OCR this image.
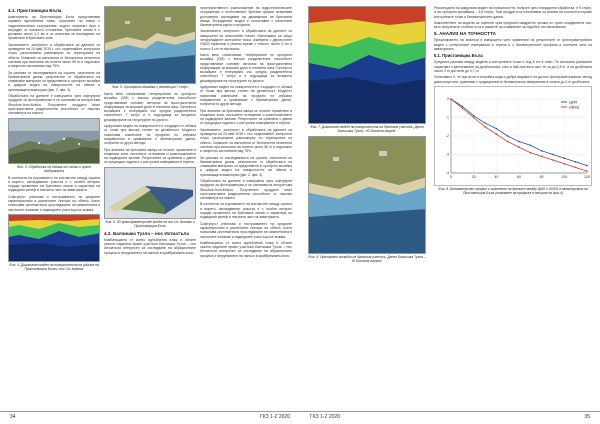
4.1. Пристанищна Бъла

Акваторията на Пристанищна Бъла представлява наравно вдлъбнатия плаж, ограничен на север с хидротехнически съоръжения, където морският бряг е изграден от скалисти отложения. Бреговата линия е с дължина около 1,2 км и се използва за изследване на промените в бреговата зона.

Заснемането, контролът и обработката на данните са проведени на 24 май 2019 г. със седемнайсет контролни точки, разположени равномерно по територията на обекта. Снимките са изпълнени от безпилотна летателна система при височина на полета около 80 м и надлъжно и напречно застъпване над 75%.

За разлика от изследванията на сушата, изпълнени на батиметрични данни, резултатите от обработката на снимковия материал са представени в ортофото мозайка и цифров модел на повърхността на обекта и прилежащата акватория (фиг. 2, фиг. 3).

Обработката на данните е извършена чрез софтуерни продукти за фотограметрия и се основава на алгоритъма Structure-from-Motion. Получените продукти имат пространствена разделителна способност от няколко сантиметра на пиксел.

Фиг. 3. Обработка на облака от точки и фото изображения

В контекста на изучаването на контактите между сушата и морето, изследваният участък е с особен интерес поради промените на бреговата линия и характера на подводния релеф в плитката част на акваторията.

Софтуерът улеснява и построяването на средните характеристики в различните сектори на обекта, което позволява систематично проследяване на измененията в пясъчните плажове и подводните участъци на залива.

Фиг. 4. Дигитален модел на повърхността на района на Пристанищна Бъла и нос Св. Атанас
Фиг. 5. Ортофото мозайка с резолюция 7 cm/px

Както вече споменахме, генерираните по ортофото мозайка (ОМ) с висока разделителна способност представляват основен източник на пространствена информация за морския дъно в плитката зона. Ортофото мозайката е генерирана със средна разделителна способност 7 cm/px и е подходяща за визуално дешифриране на структурите по дъното.

Цифровият модел на повърхността е създаден от облака от точки при висока степен на детайлност. Моделът позволява извличане на профили по избрани направления и сравняване с батиметрични данни, получени по други методи.

При анализа на бреговата ивица се отчитат промените в плажната зона, пясъчните отложения и разположението на подводните валове. Резултатите са сравнени с данни от предходни години и с контролни измервания в терена.

Фиг. 6. 3D фотограметричен модел на нос Св. Атанас и Пристанищна Бъла
4.2. Балчишка Тузла – нос Ихтиатъла

Комбинацията от силно вдлъбнатия плаж и облите скални издатини прави участъка Балчишка Тузла – нос Ихтиатъла интересен за изследване на абразионните процеси и натрупването на наноси в крайбрежната зона.

пространственото разположение на хидротехническите съоръжения и естествените брегови форми позволява достоверно изследване на динамиката на бреговата ивица. Изграденият модел е съпоставен с наличните батиметрични карти и профили.

Заснемането, контролът и обработката на данните са извършени по аналогичен начин. Използвани са общо четиринадесет контролни точки, измерени с двучестотен GNSS приемник в реално време с точност около 2 cm в план и 3 cm по височина.

Както вече споменахме, генерираните по ортофото мозайка (ОМ) с висока разделителна способност представляват основен източник на пространствена информация за морския дъно в плитката зона. Ортофото мозайката е генерирана със средна разделителна способност 7 cm/px и е подходяща за визуално дешифриране на структурите по дъното.

Цифровият модел на повърхността е създаден от облака от точки при висока степен на детайлност. Моделът позволява извличане на профили по избрани направления и сравняване с батиметрични данни, получени по други методи.

При анализа на бреговата ивица се отчитат промените в плажната зона, пясъчните отложения и разположението на подводните валове. Резултатите са сравнени с данни от предходни години и с контролни измервания в терена.

Заснемането, контролът и обработката на данните са проведени на 24 май 2019 г. със седемнайсет контролни точки, разположени равномерно по територията на обекта. Снимките са изпълнени от безпилотна летателна система при височина на полета около 80 м и надлъжно и напречно застъпване над 75%.

За разлика от изследванията на сушата, изпълнени на батиметрични данни, резултатите от обработката на снимковия материал са представени в ортофото мозайка и цифров модел на повърхността на обекта и прилежащата акватория (фиг. 2, фиг. 3).

Обработката на данните е извършена чрез софтуерни продукти за фотограметрия и се основава на алгоритъма Structure-from-Motion. Получените продукти имат пространствена разделителна способност от няколко сантиметра на пиксел.

В контекста на изучаването на контактите между сушата и морето, изследваният участък е с особен интерес поради промените на бреговата линия и характера на подводния релеф в плитката част на акваторията.

Софтуерът улеснява и построяването на средните характеристики в различните сектори на обекта, което позволява систематично проследяване на измененията в пясъчните плажове и подводните участъци на залива.

Комбинацията от силно вдлъбнатия плаж и облите скални издатини прави участъка Балчишка Тузла – нос Ихтиатъла интересен за изследване на абразионните процеси и натрупването на наноси в крайбрежната зона.

34	ГКЗ 1-2`2020
Фиг. 7. Дигитален модел на повърхността на бреговия участък „Двоен Балчишка Тузла – Ю Ботата лагуна“
Фиг. 8. Ортофото мозайка на бреговия участък „Двоен Балчишка Тузла – Ю Ботата лагуна“

Резолюцията на цифровия модел на повърхността, получен чрез стандартна обработка, е 9 cm/px, а на ортофото мозайката – 4,5 cm/px. Тези продукти са използвани за анализ на точността спрямо контролните точки и батиметричните данни.

Компонентите на модела са оценени чрез средните квадратни грешки по трите координатни оси, като получените стойности са в рамките на очакваните за подобен тип заснемания.

5. АНАЛИЗ НА ТОЧНОСТТА

Прецизирането на анализа е извършено чрез сравнение на резултатите от фотограметричния модел с контролните измервания в терена и с батиметричните профили в плитката зона на акваторията.

5.1. Пристанищна Бъла

Средната разлика между модела и контролните точки е под 5 cm в план. По височина разликите нарастват с увеличаване на дълбочината, като в най-плитката част те са до 0,3 m, а на дълбочина около 3 m достигат до 0,7 m.

Установено е, че при ясна и спокойна вода и добра видимост на дъното фотограметричният метод дава резултати, сравними с традиционните батиметрични измервания в зоната до 2 m дълбочина.

0
-1
-2
-3
-4
0	20	40	60	80	100	120
ЦМП
GNSS
Фиг. 9. Батиметричен профил и сравнение на данните между ЦМП и GNSS в акваторията на Пристанищна Бъла (показване на профила в площта на фиг.4)
ГКЗ 1-2`2020	35
